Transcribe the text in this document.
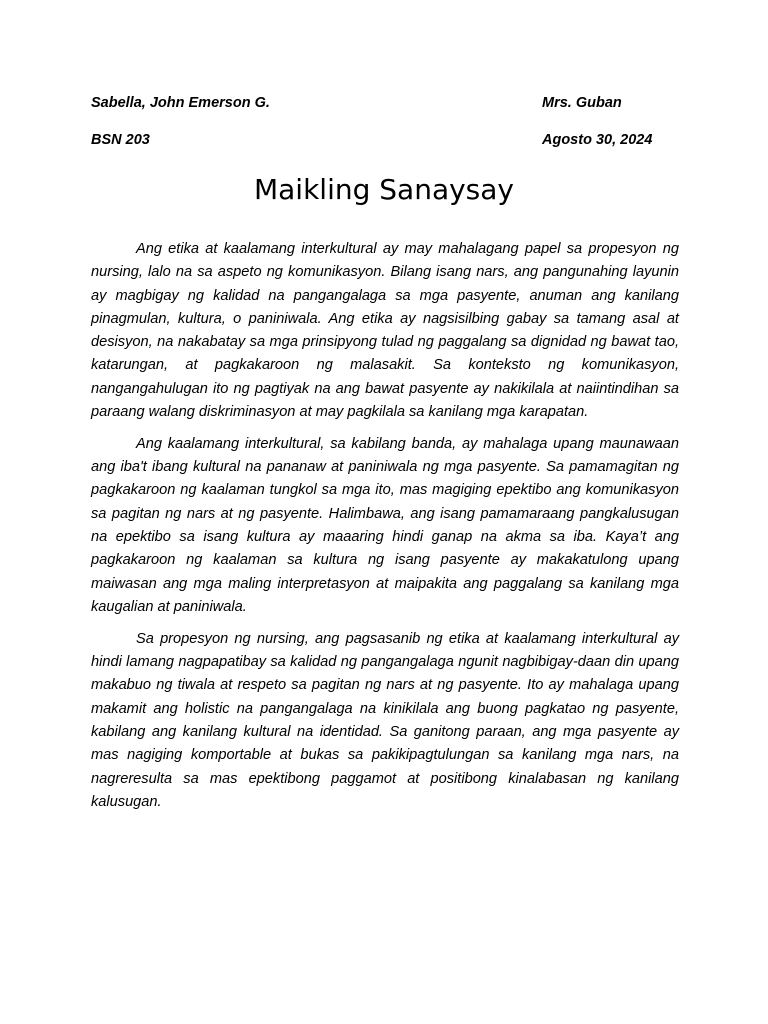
Sabella, John Emerson G.	Mrs. Guban
BSN 203	Agosto 30, 2024
Maikling Sanaysay

Ang etika at kaalamang interkultural ay may mahalagang papel sa propesyon ng nursing, lalo na sa aspeto ng komunikasyon. Bilang isang nars, ang pangunahing layunin ay magbigay ng kalidad na pangangalaga sa mga pasyente, anuman ang kanilang pinagmulan, kultura, o paniniwala. Ang etika ay nagsisilbing gabay sa tamang asal at desisyon, na nakabatay sa mga prinsipyong tulad ng paggalang sa dignidad ng bawat tao, katarungan, at pagkakaroon ng malasakit. Sa konteksto ng komunikasyon, nangangahulugan ito ng pagtiyak na ang bawat pasyente ay nakikilala at naiintindihan sa paraang walang diskriminasyon at may pagkilala sa kanilang mga karapatan.

Ang kaalamang interkultural, sa kabilang banda, ay mahalaga upang maunawaan ang iba't ibang kultural na pananaw at paniniwala ng mga pasyente. Sa pamamagitan ng pagkakaroon ng kaalaman tungkol sa mga ito, mas magiging epektibo ang komunikasyon sa pagitan ng nars at ng pasyente. Halimbawa, ang isang pamamaraang pangkalusugan na epektibo sa isang kultura ay maaaring hindi ganap na akma sa iba. Kaya’t ang pagkakaroon ng kaalaman sa kultura ng isang pasyente ay makakatulong upang maiwasan ang mga maling interpretasyon at maipakita ang paggalang sa kanilang mga kaugalian at paniniwala.

Sa propesyon ng nursing, ang pagsasanib ng etika at kaalamang interkultural ay hindi lamang nagpapatibay sa kalidad ng pangangalaga ngunit nagbibigay-daan din upang makabuo ng tiwala at respeto sa pagitan ng nars at ng pasyente. Ito ay mahalaga upang makamit ang holistic na pangangalaga na kinikilala ang buong pagkatao ng pasyente, kabilang ang kanilang kultural na identidad. Sa ganitong paraan, ang mga pasyente ay mas nagiging komportable at bukas sa pakikipagtulungan sa kanilang mga nars, na nagreresulta sa mas epektibong paggamot at positibong kinalabasan ng kanilang kalusugan.
